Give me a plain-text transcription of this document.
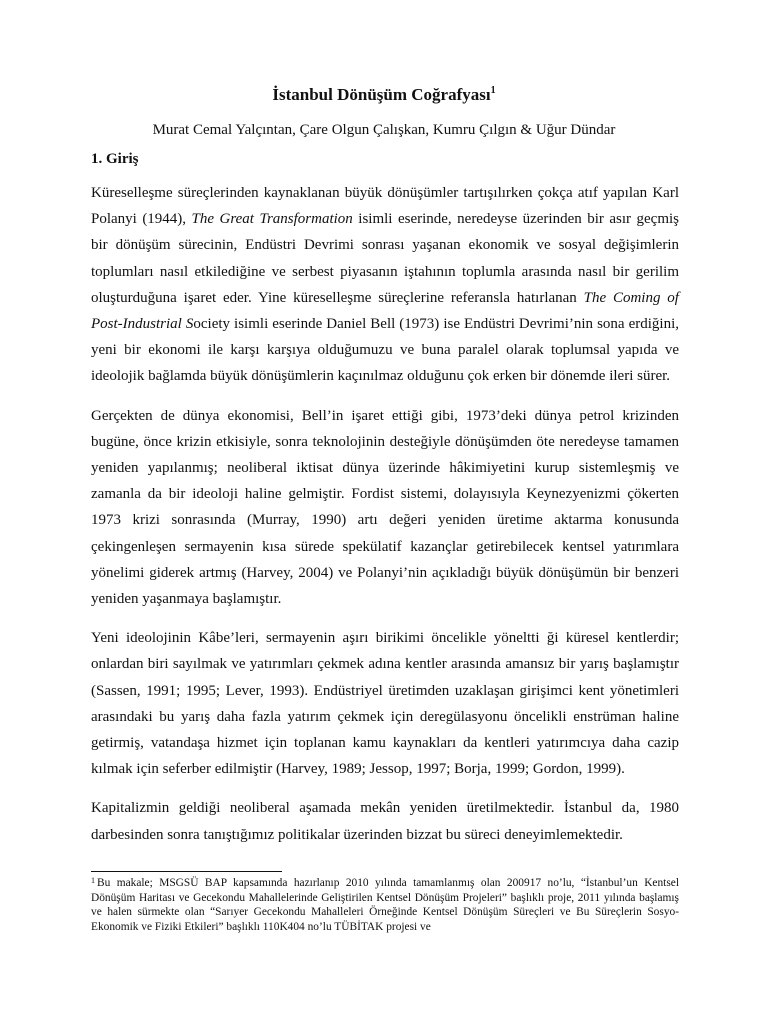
İstanbul Dönüşüm Coğrafyası$^1$
Murat Cemal Yalçıntan, Çare Olgun Çalışkan, Kumru Çılgın & Uğur Dündar
1. Giriş

Küreselleşme süreçlerinden kaynaklanan büyük dönüşümler tartışılırken çokça atıf yapılan Karl Polanyi (1944), The Great Transformation isimli eserinde, neredeyse üzerinden bir asır geçmiş bir dönüşüm sürecinin, Endüstri Devrimi sonrası yaşanan ekonomik ve sosyal değişimlerin toplumları nasıl etkilediğine ve serbest piyasanın iştahının toplumla arasında nasıl bir gerilim oluşturduğuna işaret eder. Yine küreselleşme süreçlerine referansla hatırlanan The Coming of Post-Industrial Society isimli eserinde Daniel Bell (1973) ise Endüstri Devrimi’nin sona erdiğini, yeni bir ekonomi ile karşı karşıya olduğumuzu ve buna paralel olarak toplumsal yapıda ve ideolojik bağlamda büyük dönüşümlerin kaçınılmaz olduğunu çok erken bir dönemde ileri sürer.

Gerçekten de dünya ekonomisi, Bell’in işaret ettiği gibi, 1973’deki dünya petrol krizinden bugüne, önce krizin etkisiyle, sonra teknolojinin desteğiyle dönüşümden öte neredeyse tamamen yeniden yapılanmış; neoliberal iktisat dünya üzerinde hâkimiyetini kurup sistemleşmiş ve zamanla da bir ideoloji haline gelmiştir. Fordist sistemi, dolayısıyla Keynezyenizmi çökerten 1973 krizi sonrasında (Murray, 1990) artı değeri yeniden üretime aktarma konusunda çekingenleşen sermayenin kısa sürede spekülatif kazançlar getirebilecek kentsel yatırımlara yönelimi giderek artmış (Harvey, 2004) ve Polanyi’nin açıkladığı büyük dönüşümün bir benzeri yeniden yaşanmaya başlamıştır.

Yeni ideolojinin Kâbe’leri, sermayenin aşırı birikimi öncelikle yöneltti ği küresel kentlerdir; onlardan biri sayılmak ve yatırımları çekmek adına kentler arasında amansız bir yarış başlamıştır (Sassen, 1991; 1995; Lever, 1993). Endüstriyel üretimden uzaklaşan girişimci kent yönetimleri arasındaki bu yarış daha fazla yatırım çekmek için deregülasyonu öncelikli enstrüman haline getirmiş, vatandaşa hizmet için toplanan kamu kaynakları da kentleri yatırımcıya daha cazip kılmak için seferber edilmiştir (Harvey, 1989; Jessop, 1997; Borja, 1999; Gordon, 1999).

Kapitalizmin geldiği neoliberal aşamada mekân yeniden üretilmektedir. İstanbul da, 1980 darbesinden sonra tanıştığımız politikalar üzerinden bizzat bu süreci deneyimlemektedir.

$^1$ Bu makale; MSGSÜ BAP kapsamında hazırlanıp 2010 yılında tamamlanmış olan 200917 no’lu, “İstanbul’un Kentsel Dönüşüm Haritası ve Gecekondu Mahallelerinde Geliştirilen Kentsel Dönüşüm Projeleri” başlıklı proje, 2011 yılında başlamış ve halen sürmekte olan “Sarıyer Gecekondu Mahalleleri Örneğinde Kentsel Dönüşüm Süreçleri ve Bu Süreçlerin Sosyo-Ekonomik ve Fiziki Etkileri” başlıklı 110K404 no’lu TÜBİTAK projesi ve
